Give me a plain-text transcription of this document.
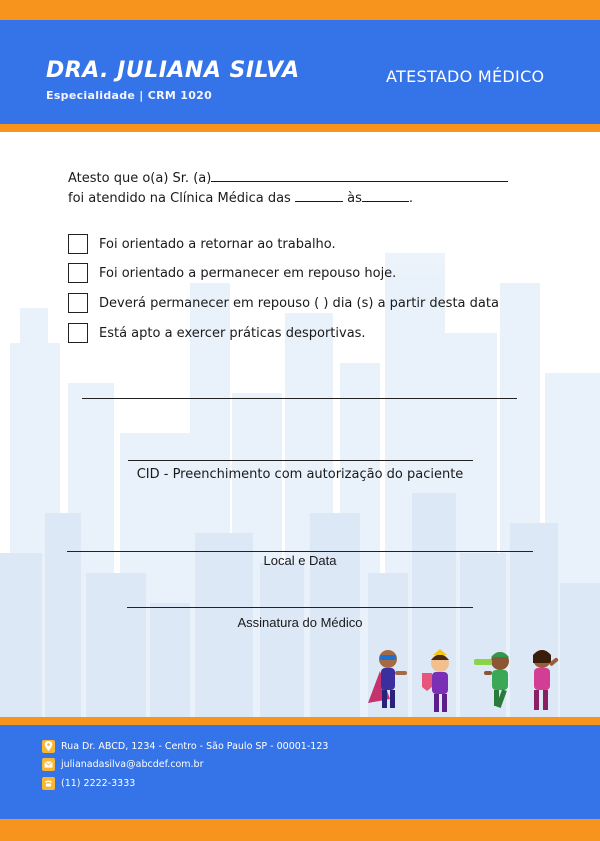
DRA. JULIANA SILVA
Especialidade | CRM 1020
ATESTADO MÉDICO
Atesto que o(a) Sr. (a)
foi atendido na Clínica Médica das	às	.
Foi orientado a retornar ao trabalho.
Foi orientado a permanecer em repouso hoje.
Deverá permanecer em repouso ( ) dia (s) a partir desta data
Está apto a exercer práticas desportivas.
CID - Preenchimento com autorização do paciente
Local e Data
Assinatura do Médico
Rua Dr. ABCD, 1234 - Centro - São Paulo SP - 00001-123
julianadasilva@abcdef.com.br
(11) 2222-3333
